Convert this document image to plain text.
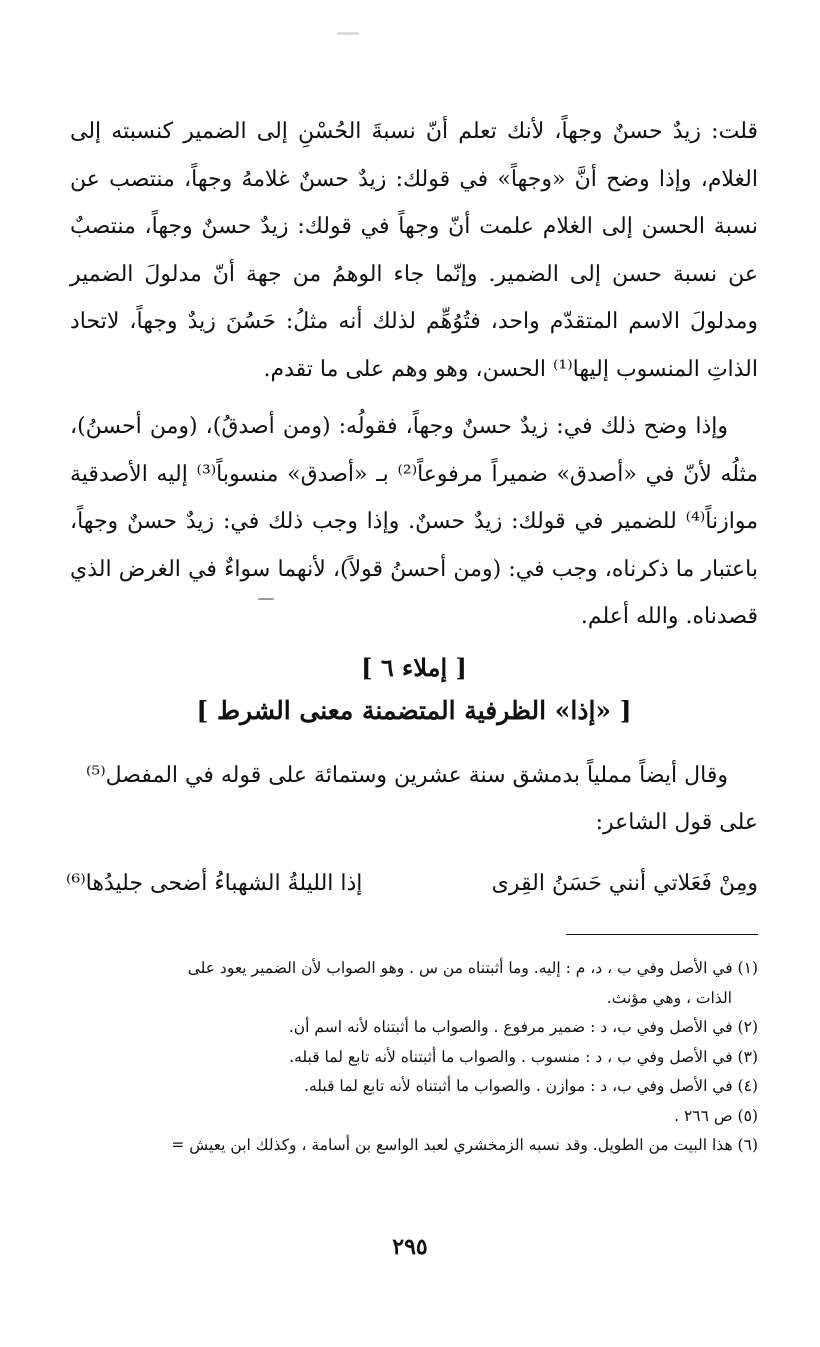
قلت: زيدٌ حسنٌ وجهاً، لأنك تعلم أنّ نسبةَ الحُسْنِ إلى الضمير كنسبته إلى الغلام، وإذا وضح أنَّ «وجهاً» في قولك: زيدٌ حسنٌ غلامهُ وجهاً، منتصب عن نسبة الحسن إلى الغلام علمت أنّ وجهاً في قولك: زيدٌ حسنٌ وجهاً، منتصبٌ عن نسبة حسن إلى الضمير. وإنّما جاء الوهمُ من جهة أنّ مدلولَ الضمير ومدلولَ الاسم المتقدّم واحد، فتُوُهِّم لذلك أنه مثلُ: حَسُنَ زيدٌ وجهاً، لاتحاد الذاتِ المنسوب إليها⁽¹⁾ الحسن، وهو وهم على ما تقدم.

وإذا وضح ذلك في: زيدٌ حسنٌ وجهاً، فقولُه: (ومن أصدقُ)، (ومن أحسنُ)، مثلُه لأنّ في «أصدق» ضميراً مرفوعاً⁽²⁾ بـ «أصدق» منسوباً⁽³⁾ إليه الأصدقية موازناً⁽⁴⁾ للضمير في قولك: زيدٌ حسنٌ. وإذا وجب ذلك في: زيدٌ حسنٌ وجهاً، باعتبار ما ذكرناه، وجب في: (ومن أحسنُ قولاً)، لأنهما سواءٌ في الغرض الذي قصدناه. والله أعلم.

[ إملاء ٦ ]
[ «إذا» الظرفية المتضمنة معنى الشرط ]

وقال أيضاً مملياً بدمشق سنة عشرين وستمائة على قوله في المفصل⁽⁵⁾

على قول الشاعر:

ومِنْ فَعَلاتي أنني حَسَنُ القِرى
إذا الليلةُ الشهباءُ أضحى جليدُها⁽⁶⁾

(١) في الأصل وفي ب ، د، م : إليه. وما أثبتناه من س . وهو الصواب لأن الضمير يعود على
الذات ، وهي مؤنث.

(٢) في الأصل وفي ب، د : ضمير مرفوع . والصواب ما أثبتناه لأنه اسم أن.

(٣) في الأصل وفي ب ، د : منسوب . والصواب ما أثبتناه لأنه تابع لما قبله.

(٤) في الأصل وفي ب، د : موازن . والصواب ما أثبتناه لأنه تابع لما قبله.

(٥) ص ٢٦٦ .

(٦) هذا البيت من الطويل. وقد نسبه الزمخشري لعبد الواسع بن أسامة ، وكذلك ابن يعيش =

٢٩٥
